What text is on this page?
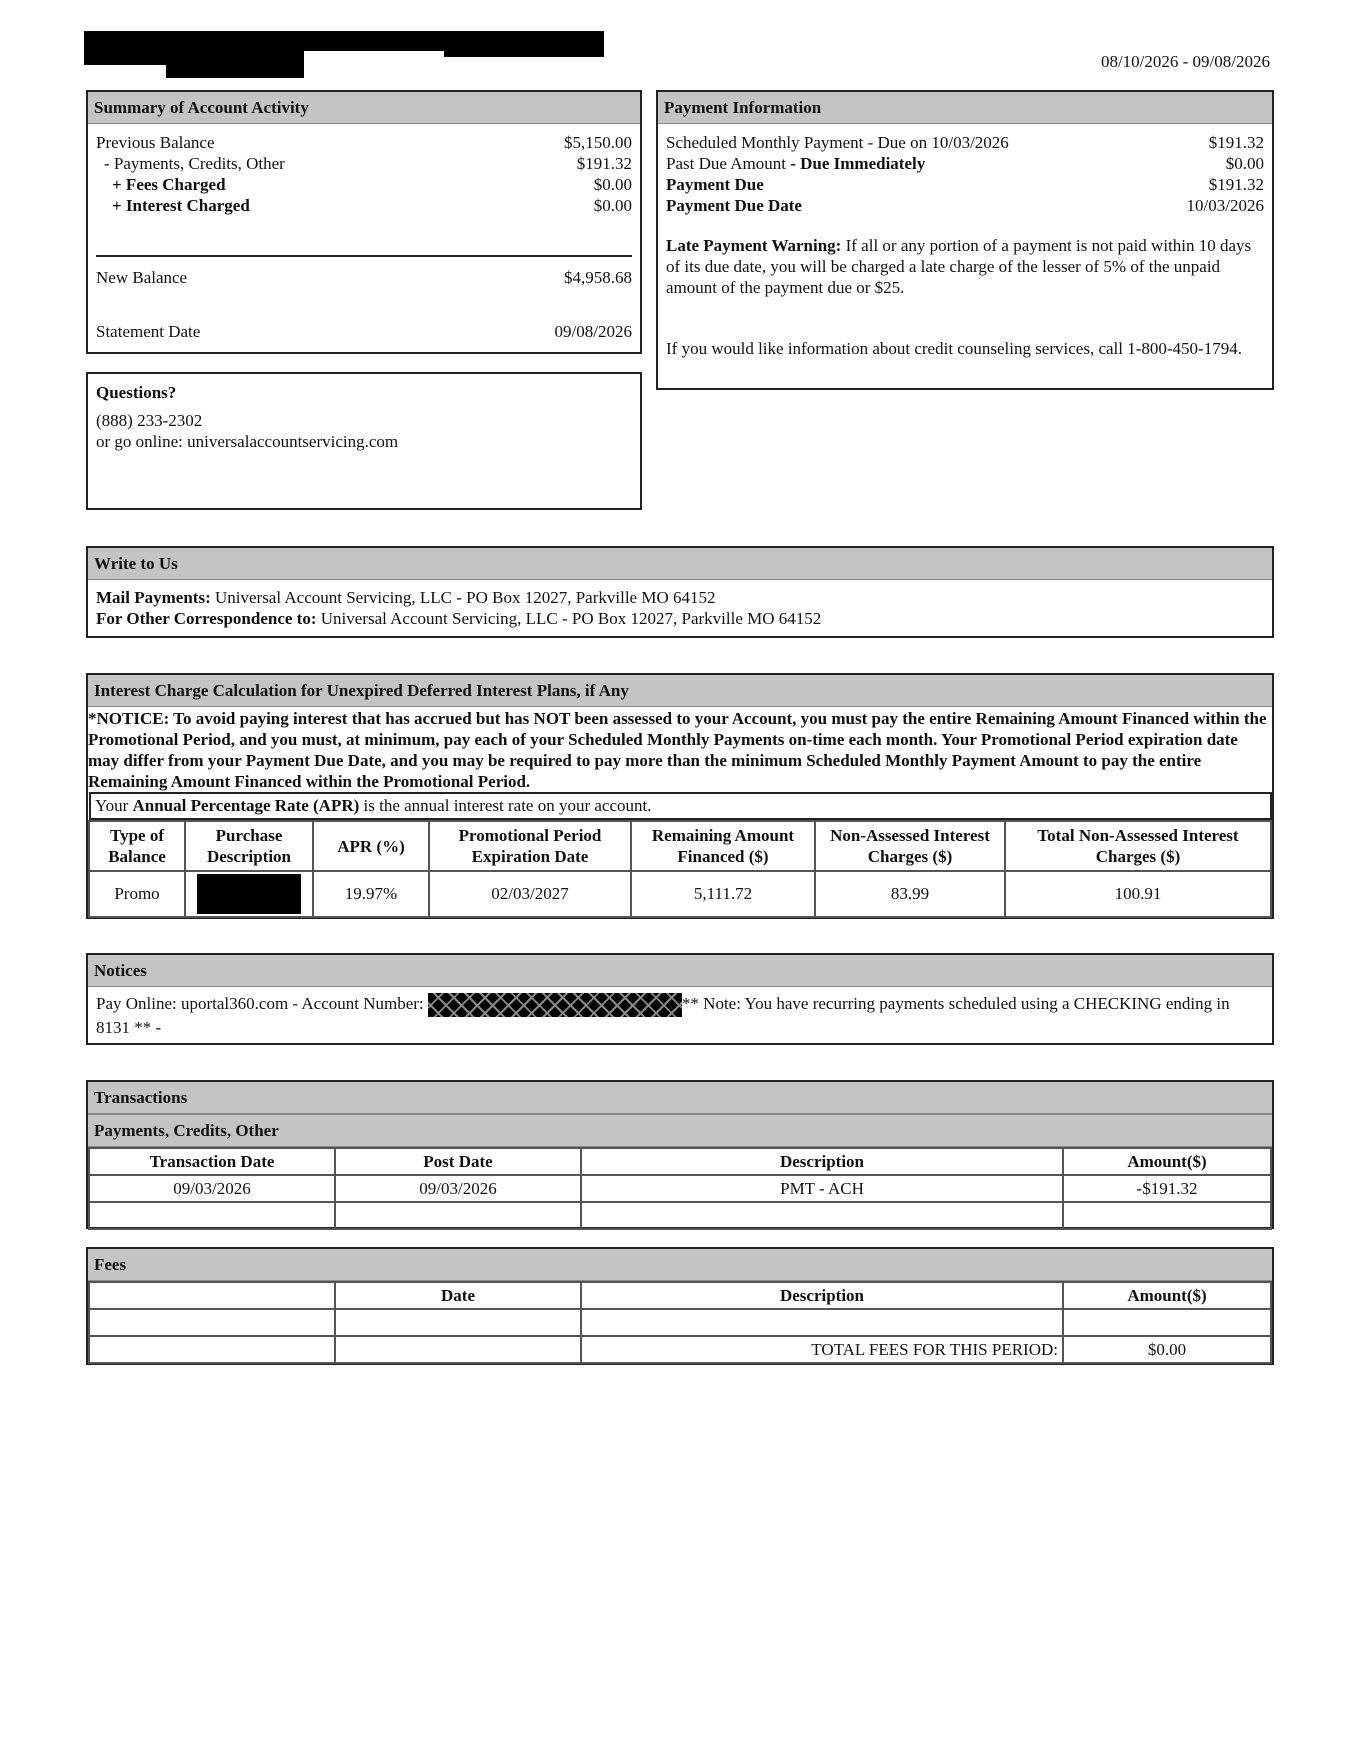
08/10/2026 - 09/08/2026
Summary of Account Activity
Previous Balance	$5,150.00
- Payments, Credits, Other	$191.32
+ Fees Charged	$0.00
+ Interest Charged	$0.00
New Balance	$4,958.68
Statement Date	09/08/2026
Payment Information
Scheduled Monthly Payment - Due on 10/03/2026	$191.32
Past Due Amount - Due Immediately	$0.00
Payment Due	$191.32
Payment Due Date	10/03/2026
Late Payment Warning: If all or any portion of a payment is not paid within 10 days of its due date, you will be charged a late charge of the lesser of 5% of the unpaid amount of the payment due or $25.
If you would like information about credit counseling services, call 1-800-450-1794.
Questions?
(888) 233-2302
or go online: universalaccountservicing.com
Write to Us
Mail Payments: Universal Account Servicing, LLC - PO Box 12027, Parkville MO 64152
For Other Correspondence to: Universal Account Servicing, LLC - PO Box 12027, Parkville MO 64152
Interest Charge Calculation for Unexpired Deferred Interest Plans, if Any
*NOTICE: To avoid paying interest that has accrued but has NOT been assessed to your Account, you must pay the entire Remaining Amount Financed within the Promotional Period, and you must, at minimum, pay each of your Scheduled Monthly Payments on-time each month. Your Promotional Period expiration date may differ from your Payment Due Date, and you may be required to pay more than the minimum Scheduled Monthly Payment Amount to pay the entire Remaining Amount Financed within the Promotional Period.
Your Annual Percentage Rate (APR) is the annual interest rate on your account.
Type of Balance	Purchase Description	APR (%)	Promotional Period Expiration Date	Remaining Amount Financed ($)	Non-Assessed Interest Charges ($)	Total Non-Assessed Interest Charges ($)
Promo		19.97%	02/03/2027	5,111.72	83.99	100.91
Notices
Pay Online: uportal360.com - Account Number:	** Note: You have recurring payments scheduled using a CHECKING ending in 8131 ** -
Transactions
Payments, Credits, Other
Transaction Date	Post Date	Description	Amount($)
09/03/2026	09/03/2026	PMT - ACH	-$191.32

Fees
	Date	Description	Amount($)

		TOTAL FEES FOR THIS PERIOD:	$0.00
